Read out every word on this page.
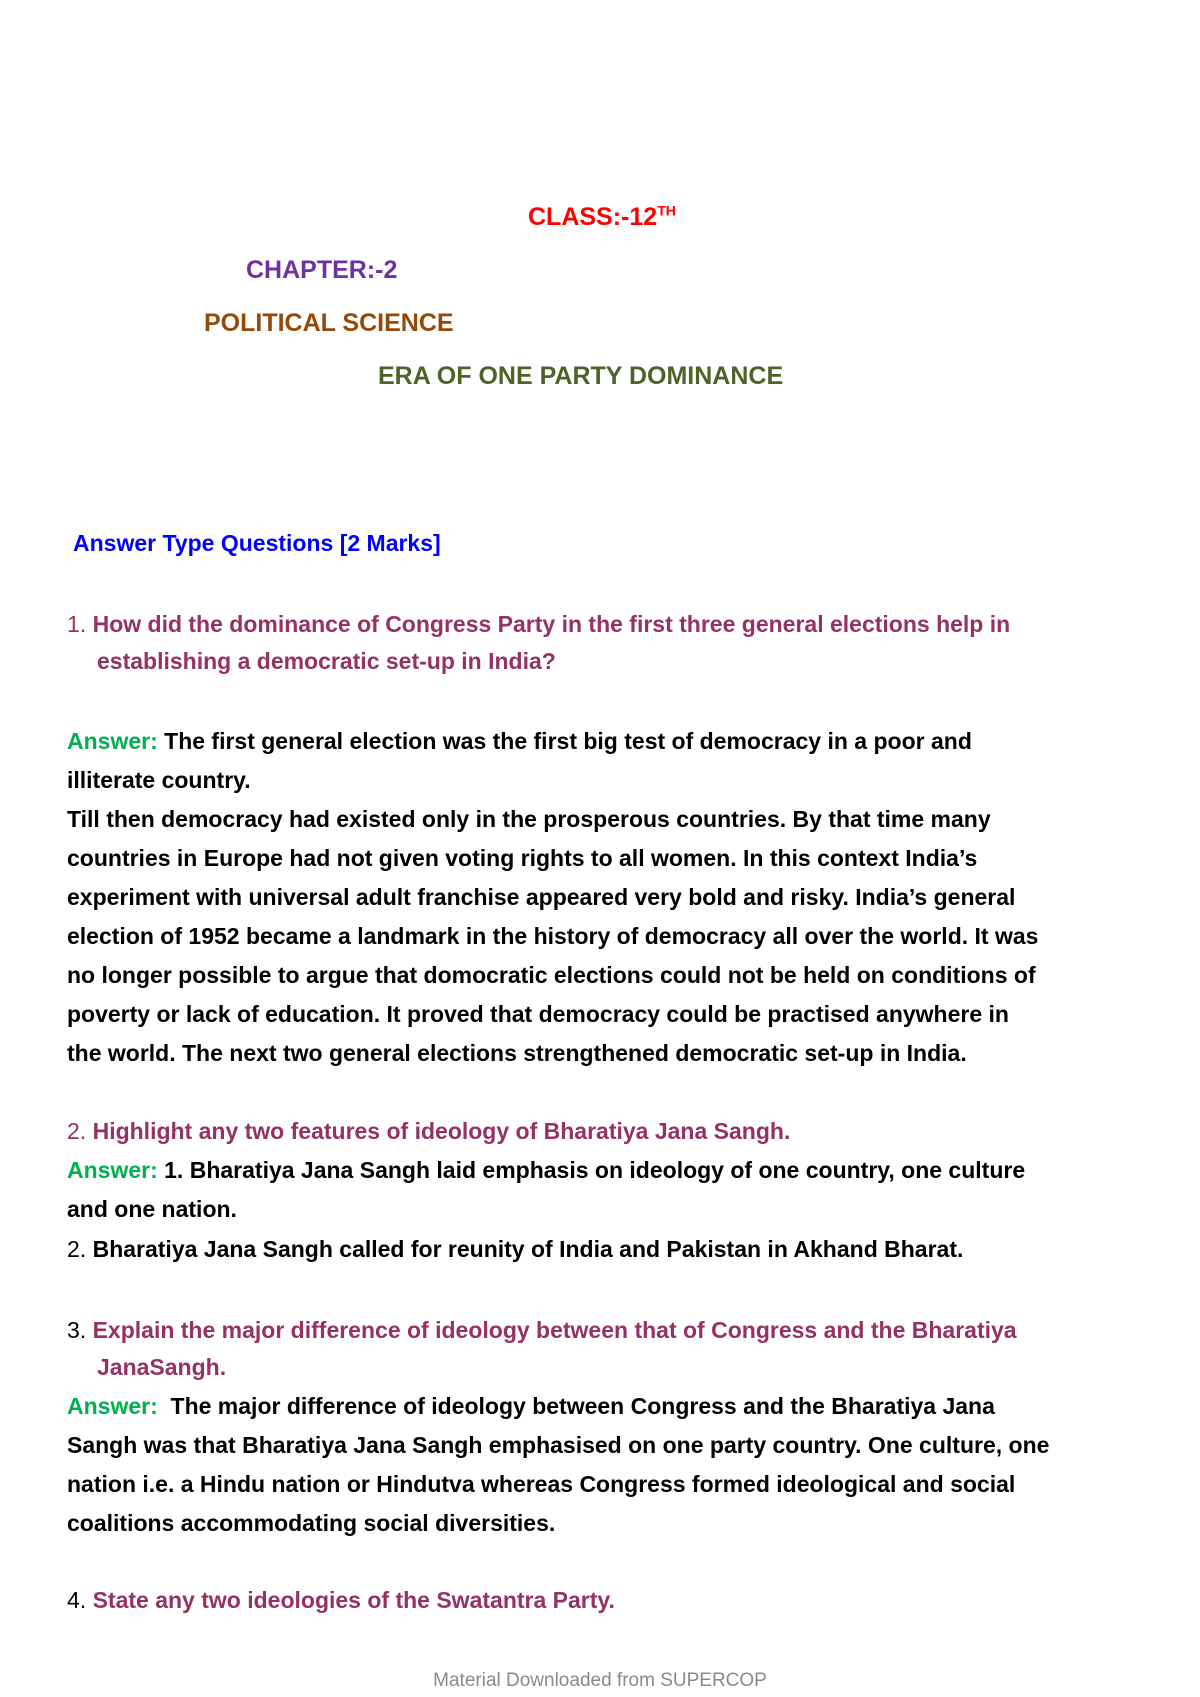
CLASS:-12TH
CHAPTER:-2
POLITICAL SCIENCE
ERA OF ONE PARTY DOMINANCE
Answer Type Questions [2 Marks]
1. How did the dominance of Congress Party in the first three general elections help in
establishing a democratic set-up in India?
Answer: The first general election was the first big test of democracy in a poor and
illiterate country.
Till then democracy had existed only in the prosperous countries. By that time many
countries in Europe had not given voting rights to all women. In this context India’s
experiment with universal adult franchise appeared very bold and risky. India’s general
election of 1952 became a landmark in the history of democracy all over the world. It was
no longer possible to argue that domocratic elections could not be held on conditions of
poverty or lack of education. It proved that democracy could be practised anywhere in
the world. The next two general elections strengthened democratic set-up in India.
2. Highlight any two features of ideology of Bharatiya Jana Sangh.
Answer: 1. Bharatiya Jana Sangh laid emphasis on ideology of one country, one culture
and one nation.
2. Bharatiya Jana Sangh called for reunity of India and Pakistan in Akhand Bharat.
3. Explain the major difference of ideology between that of Congress and the Bharatiya
JanaSangh.
Answer: The major difference of ideology between Congress and the Bharatiya Jana
Sangh was that Bharatiya Jana Sangh emphasised on one party country. One culture, one
nation i.e. a Hindu nation or Hindutva whereas Congress formed ideological and social
coalitions accommodating social diversities.
4. State any two ideologies of the Swatantra Party.
Material Downloaded from SUPERCOP
